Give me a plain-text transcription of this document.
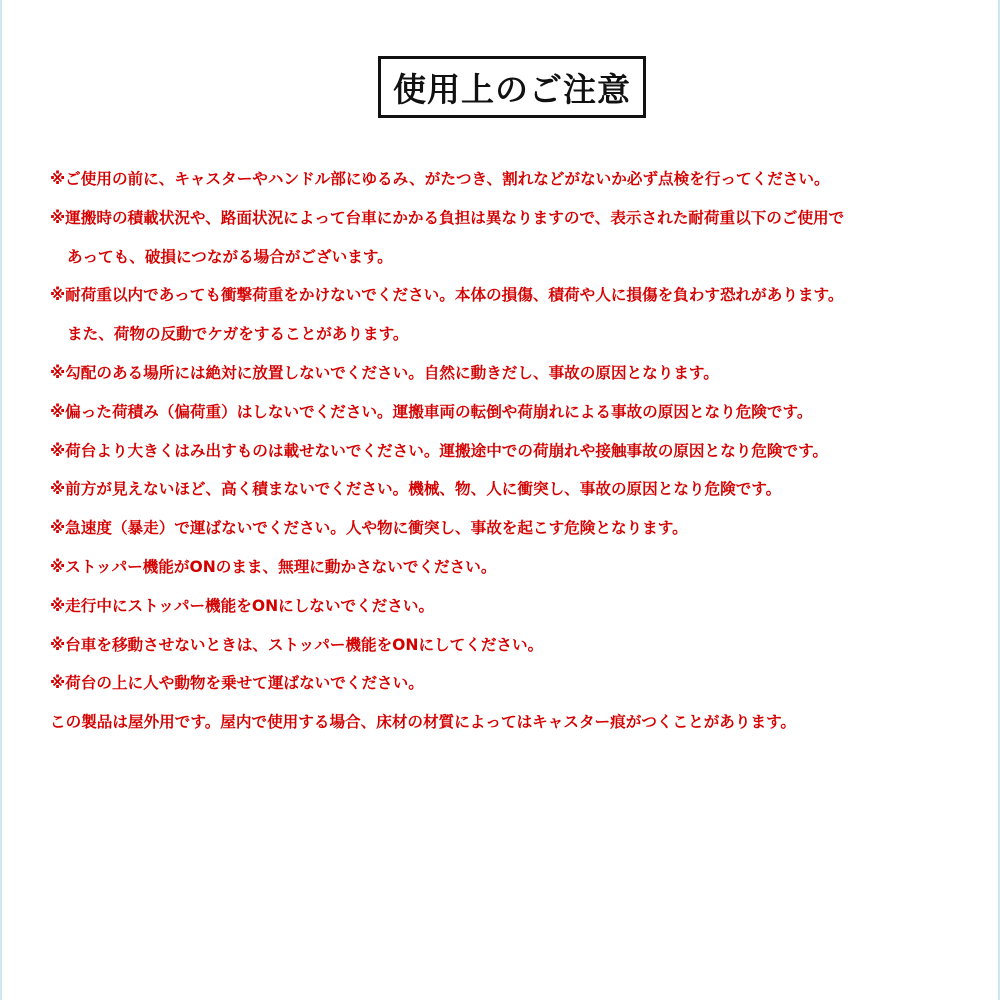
使用上のご注意
※ご使用の前に、キャスターやハンドル部にゆるみ、がたつき、割れなどがないか必ず点検を行ってください。
※運搬時の積載状況や、路面状況によって台車にかかる負担は異なりますので、表示された耐荷重以下のご使用で
あっても、破損につながる場合がございます。
※耐荷重以内であっても衝撃荷重をかけないでください。本体の損傷、積荷や人に損傷を負わす恐れがあります。
また、荷物の反動でケガをすることがあります。
※勾配のある場所には絶対に放置しないでください。自然に動きだし、事故の原因となります。
※偏った荷積み（偏荷重）はしないでください。運搬車両の転倒や荷崩れによる事故の原因となり危険です。
※荷台より大きくはみ出すものは載せないでください。運搬途中での荷崩れや接触事故の原因となり危険です。
※前方が見えないほど、高く積まないでください。機械、物、人に衝突し、事故の原因となり危険です。
※急速度（暴走）で運ばないでください。人や物に衝突し、事故を起こす危険となります。
※ストッパー機能がONのまま、無理に動かさないでください。
※走行中にストッパー機能をONにしないでください。
※台車を移動させないときは、ストッパー機能をONにしてください。
※荷台の上に人や動物を乗せて運ばないでください。
この製品は屋外用です。屋内で使用する場合、床材の材質によってはキャスター痕がつくことがあります。
